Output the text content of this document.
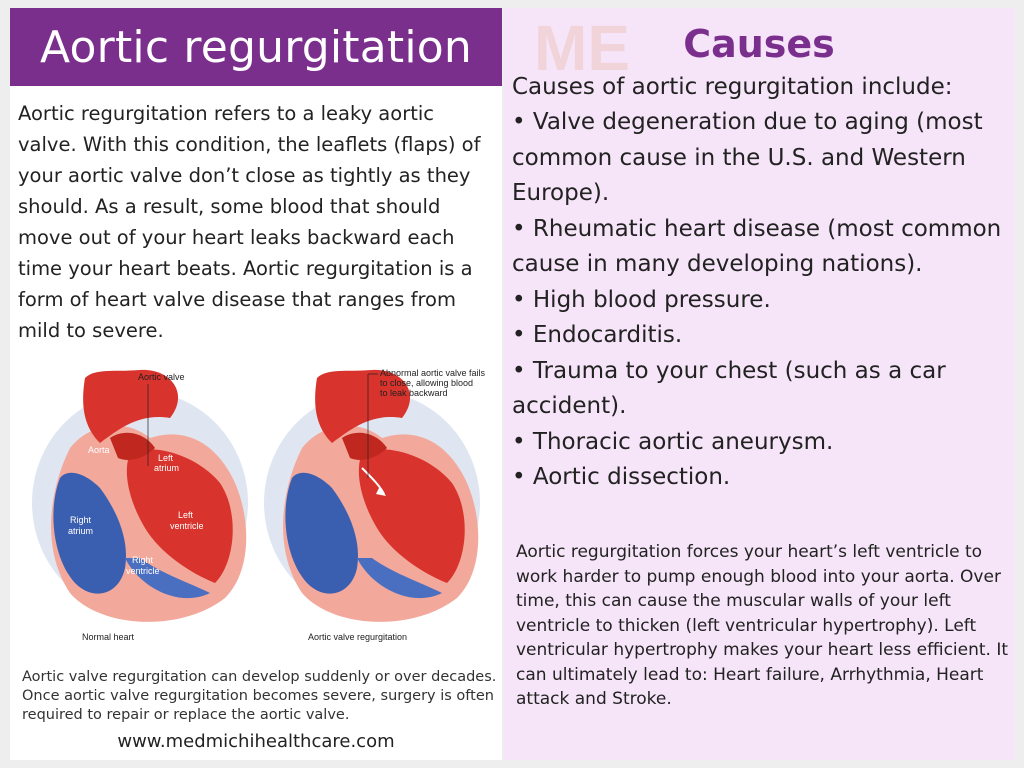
Aortic regurgitation

Aortic regurgitation refers to a leaky aortic valve. With this condition, the leaflets (flaps) of your aortic valve don’t close as tightly as they should. As a result, some blood that should move out of your heart leaks backward each time your heart beats. Aortic regurgitation is a form of heart valve disease that ranges from mild to severe.

Aortic valve
Aorta
Left
atrium
Left
ventricle
Right
atrium
Right
ventricle
Normal heart
Abnormal aortic valve fails
to close, allowing blood
to leak backward
Aortic valve regurgitation

Aortic valve regurgitation can develop suddenly or over decades. Once aortic valve regurgitation becomes severe, surgery is often required to repair or replace the aortic valve.

www.medmichihealthcare.com
ME	Causes

Causes of aortic regurgitation include:

• Valve degeneration due to aging (most common cause in the U.S. and Western Europe).
• Rheumatic heart disease (most common cause in many developing nations).
• High blood pressure.
• Endocarditis.
• Trauma to your chest (such as a car accident).
• Thoracic aortic aneurysm.
• Aortic dissection.

Aortic regurgitation forces your heart’s left ventricle to work harder to pump enough blood into your aorta. Over time, this can cause the muscular walls of your left ventricle to thicken (left ventricular hypertrophy). Left ventricular hypertrophy makes your heart less efficient. It can ultimately lead to: Heart failure, Arrhythmia, Heart attack and Stroke.
